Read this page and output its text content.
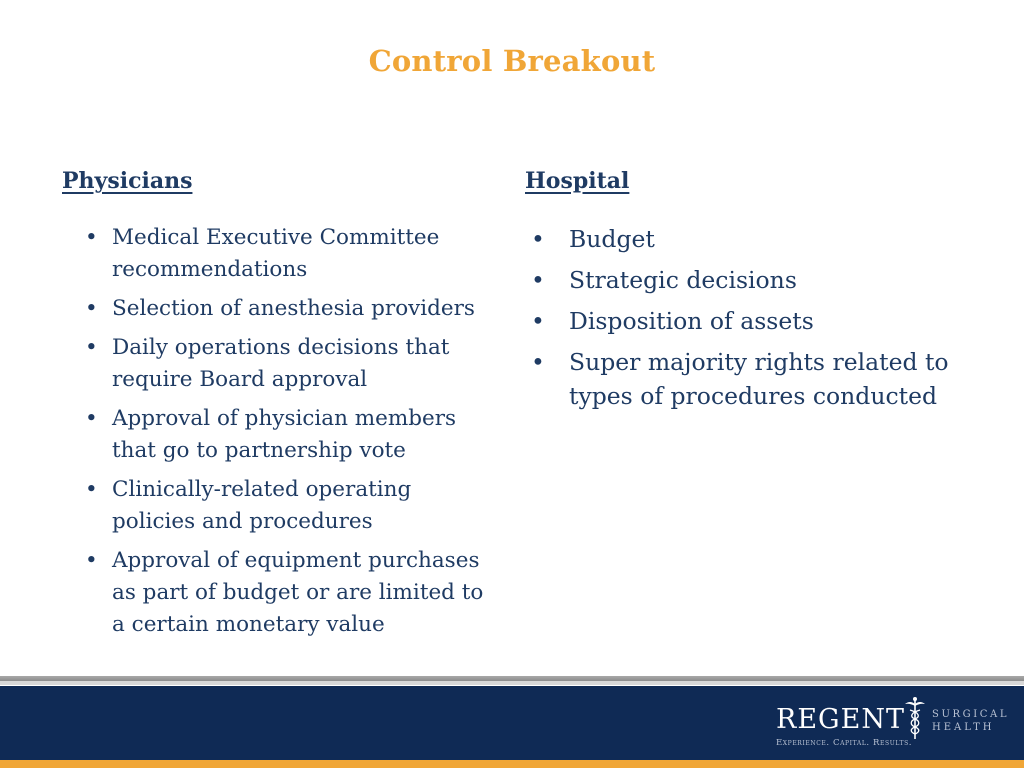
Control Breakout
Physicians
• Medical Executive Committee recommendations
• Selection of anesthesia providers
• Daily operations decisions that require Board approval
• Approval of physician members that go to partnership vote
• Clinically-related operating policies and procedures
• Approval of equipment purchases as part of budget or are limited to a certain monetary value
Hospital
• Budget
• Strategic decisions
• Disposition of assets
• Super majority rights related to types of procedures conducted
REGENT	SURGICAL
HEALTH
Experience. Capital. Results.
